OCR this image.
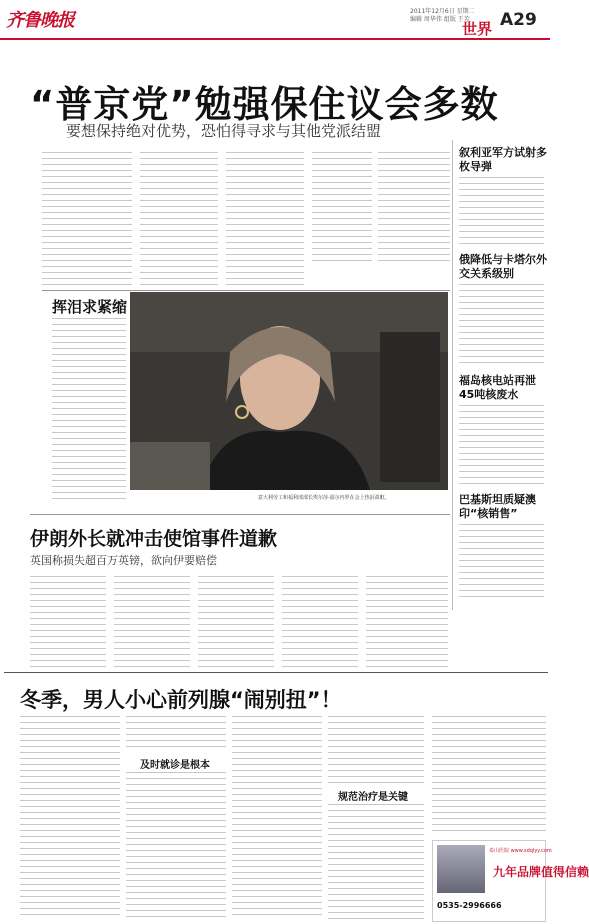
齐鲁晚报	2011年12月6日 星期二
编辑 周华伟 组版 王芳
世界 A29
“普京党”勉强保住议会多数
要想保持绝对优势，恐怕得寻求与其他党派结盟
挥泪求紧缩
意大利劳工和福利部部长埃尔莎·福尔内罗在会上热泪盈眶。
叙利亚军方试射多枚导弹
俄降低与卡塔尔外交关系级别
福岛核电站再泄45吨核废水
巴基斯坦质疑澳印“核销售”
伊朗外长就冲击使馆事件道歉
英国称损失超百万英镑，欲向伊要赔偿
冬季，男人小心前列腺“闹别扭”！
及时就诊是根本
规范治疗是关键
泰山医院 www.sdqlyy.com
九年品牌值得信赖
0535-2996666
